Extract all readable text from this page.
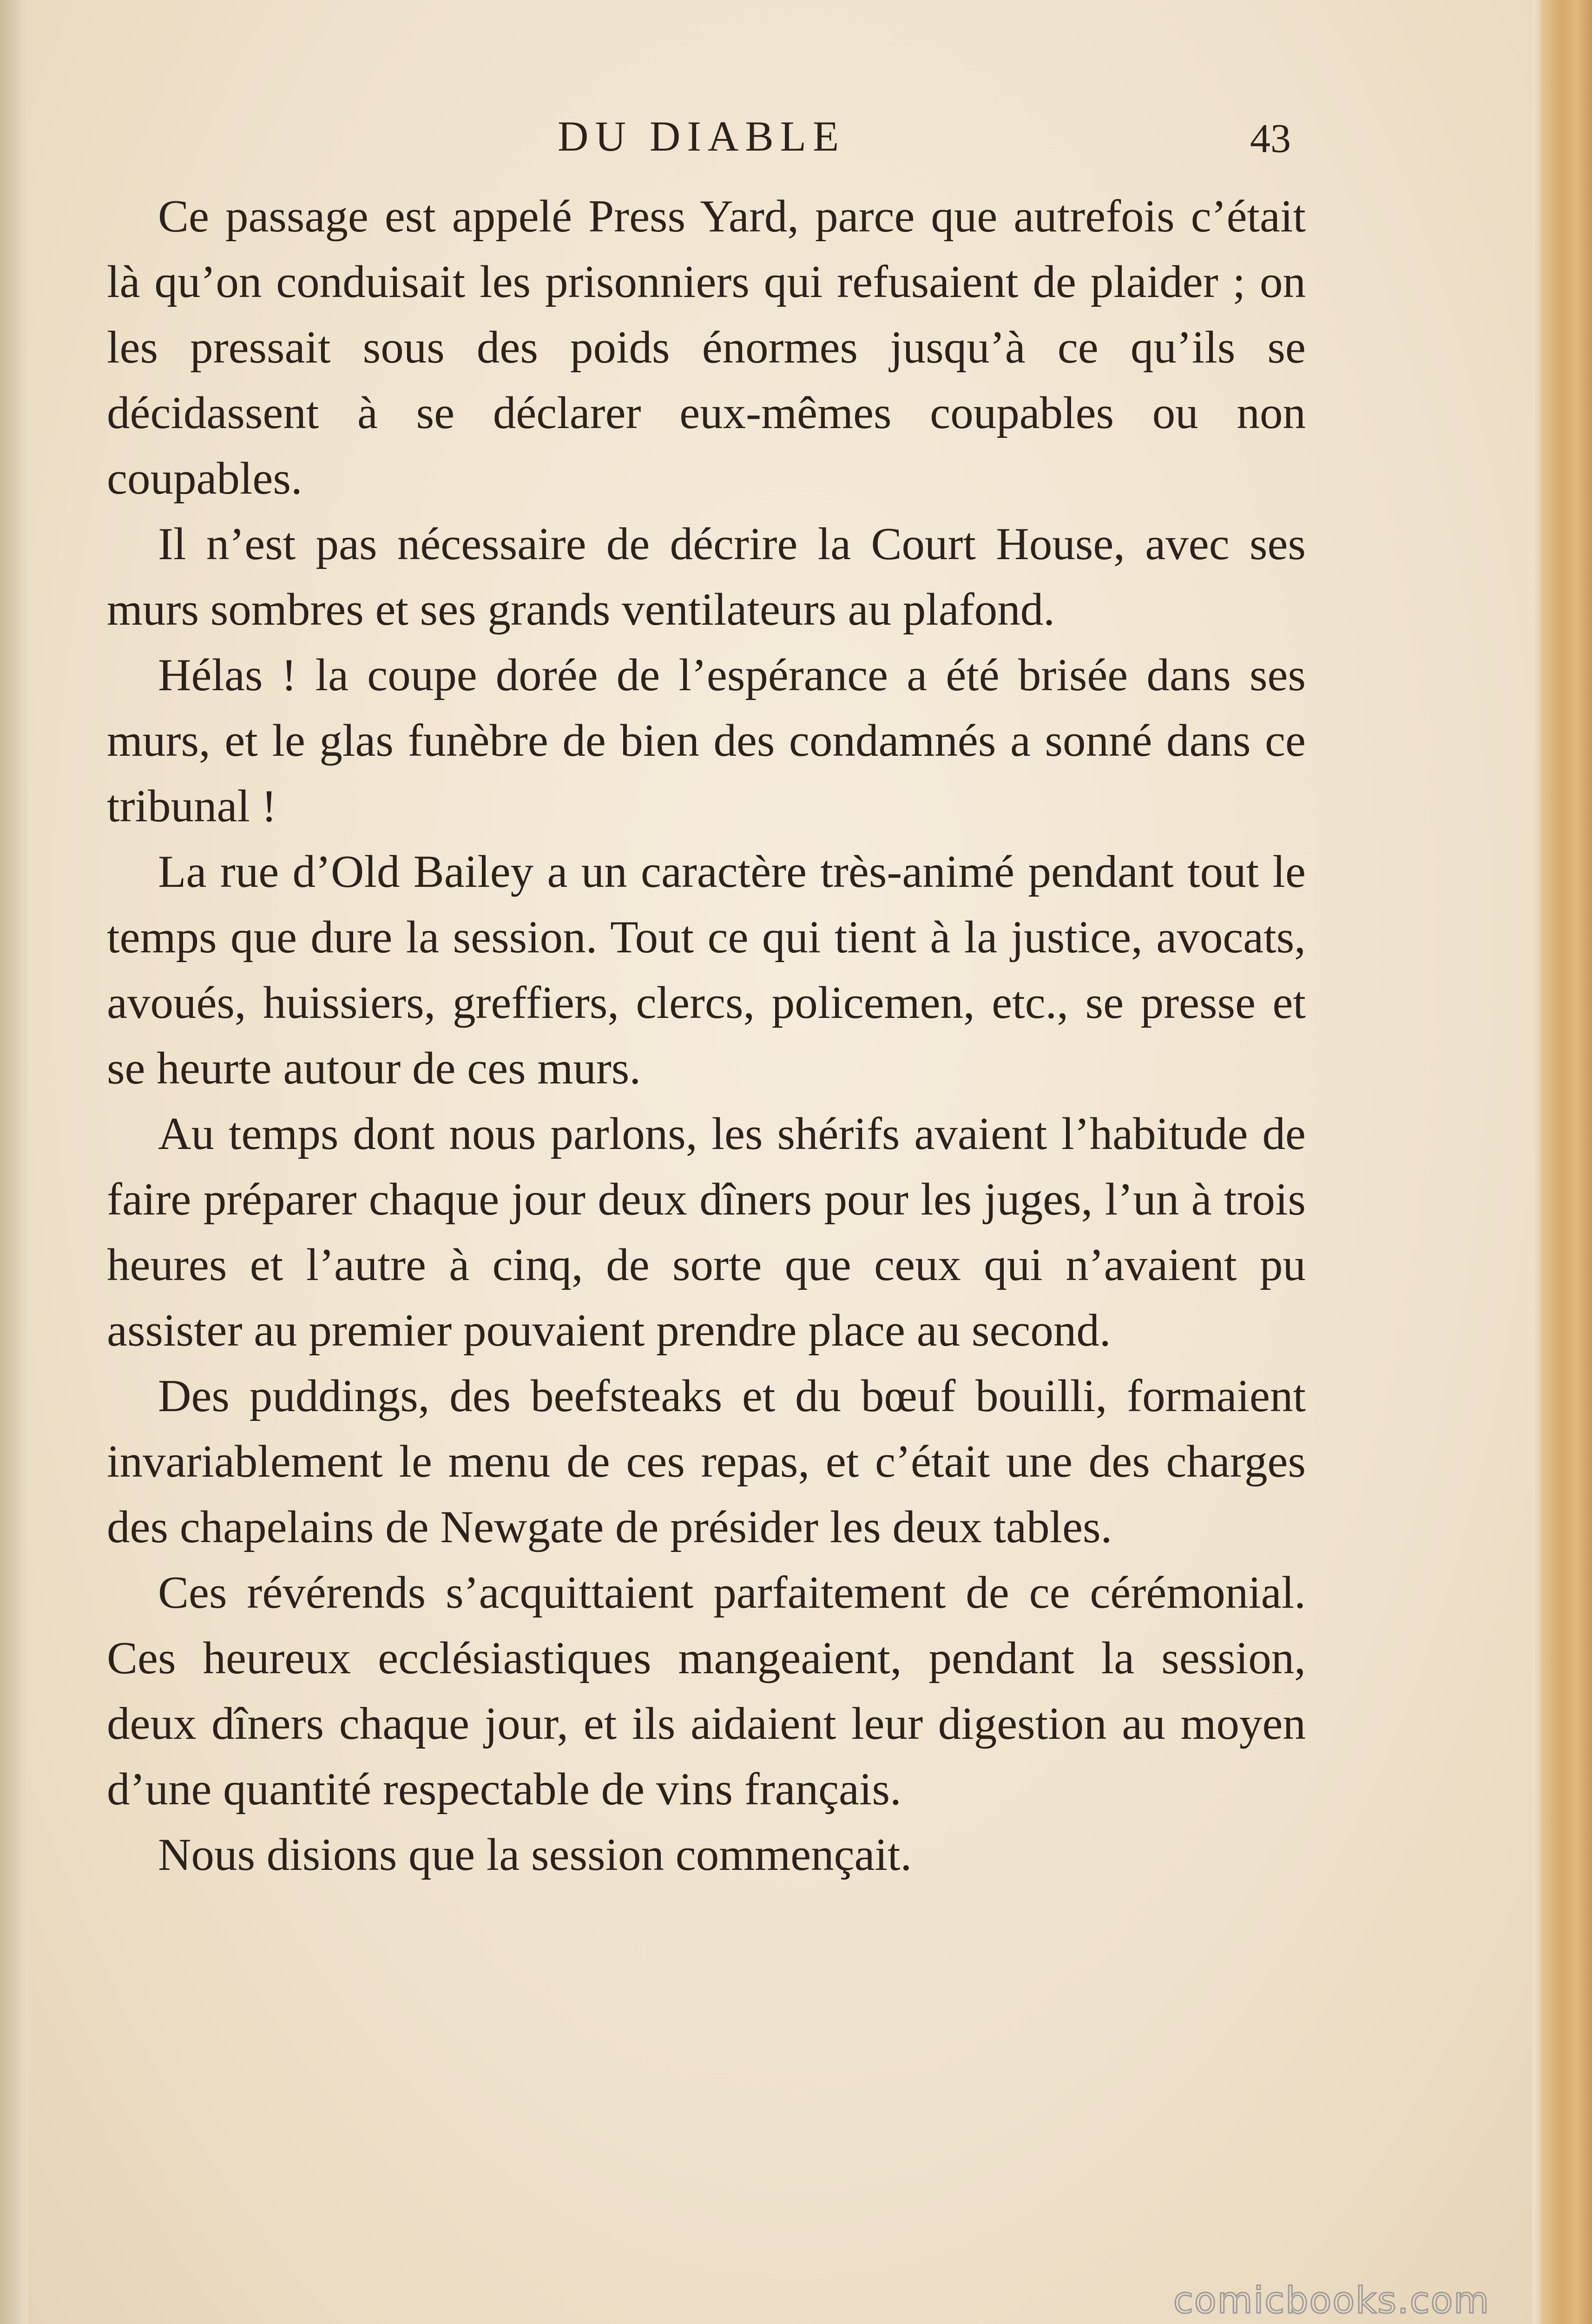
DU DIABLE	43

Ce passage est appelé Press Yard, parce que autrefois c’était là qu’on conduisait les prisonniers qui refusaient de plaider ; on les pressait sous des poids énormes jusqu’à ce qu’ils se décidassent à se déclarer eux-mêmes coupables ou non coupables.

Il n’est pas nécessaire de décrire la Court House, avec ses murs sombres et ses grands ventilateurs au plafond.

Hélas ! la coupe dorée de l’espérance a été brisée dans ses murs, et le glas funèbre de bien des condamnés a sonné dans ce tribunal !

La rue d’Old Bailey a un caractère très-animé pendant tout le temps que dure la session. Tout ce qui tient à la justice, avocats, avoués, huissiers, greffiers, clercs, policemen, etc., se presse et se heurte autour de ces murs.

Au temps dont nous parlons, les shérifs avaient l’habitude de faire préparer chaque jour deux dîners pour les juges, l’un à trois heures et l’autre à cinq, de sorte que ceux qui n’avaient pu assister au premier pouvaient prendre place au second.

Des puddings, des beefsteaks et du bœuf bouilli, formaient invariablement le menu de ces repas, et c’était une des charges des chapelains de Newgate de présider les deux tables.

Ces révérends s’acquittaient parfaitement de ce cérémonial. Ces heureux ecclésiastiques mangeaient, pendant la session, deux dîners chaque jour, et ils aidaient leur digestion au moyen d’une quantité respectable de vins français.

Nous disions que la session commençait.

comicbooks.com
